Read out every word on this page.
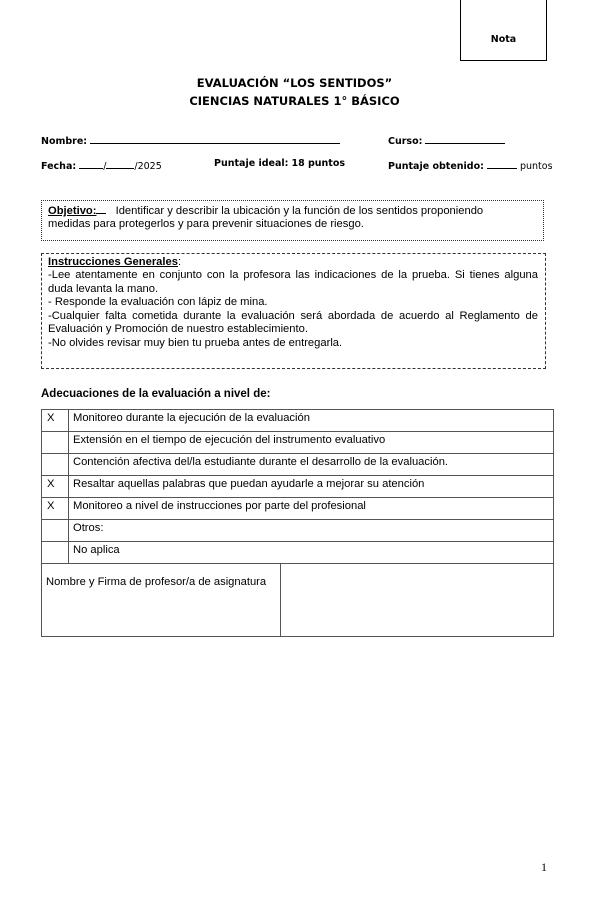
Nota
EVALUACIÓN “LOS SENTIDOS”
CIENCIAS NATURALES 1° BÁSICO
Nombre:	Curso:
Fecha:	/	/2025	Puntaje ideal: 18 puntos	Puntaje obtenido:	puntos
Objetivo: Identificar y describir la ubicación y la función de los sentidos proponiendo
medidas para protegerlos y para prevenir situaciones de riesgo.
Instrucciones Generales:
-Lee atentamente en conjunto con la profesora las indicaciones de la prueba. Si tienes alguna
duda levanta la mano.
- Responde la evaluación con lápiz de mina.
-Cualquier falta cometida durante la evaluación será abordada de acuerdo al Reglamento de
Evaluación y Promoción de nuestro establecimiento.
-No olvides revisar muy bien tu prueba antes de entregarla.
Adecuaciones de la evaluación a nivel de:
X	Monitoreo durante la ejecución de la evaluación
	Extensión en el tiempo de ejecución del instrumento evaluativo
	Contención afectiva del/la estudiante durante el desarrollo de la evaluación.
X	Resaltar aquellas palabras que puedan ayudarle a mejorar su atención
X	Monitoreo a nivel de instrucciones por parte del profesional
	Otros:
	No aplica
Nombre y Firma de profesor/a de asignatura	
1
